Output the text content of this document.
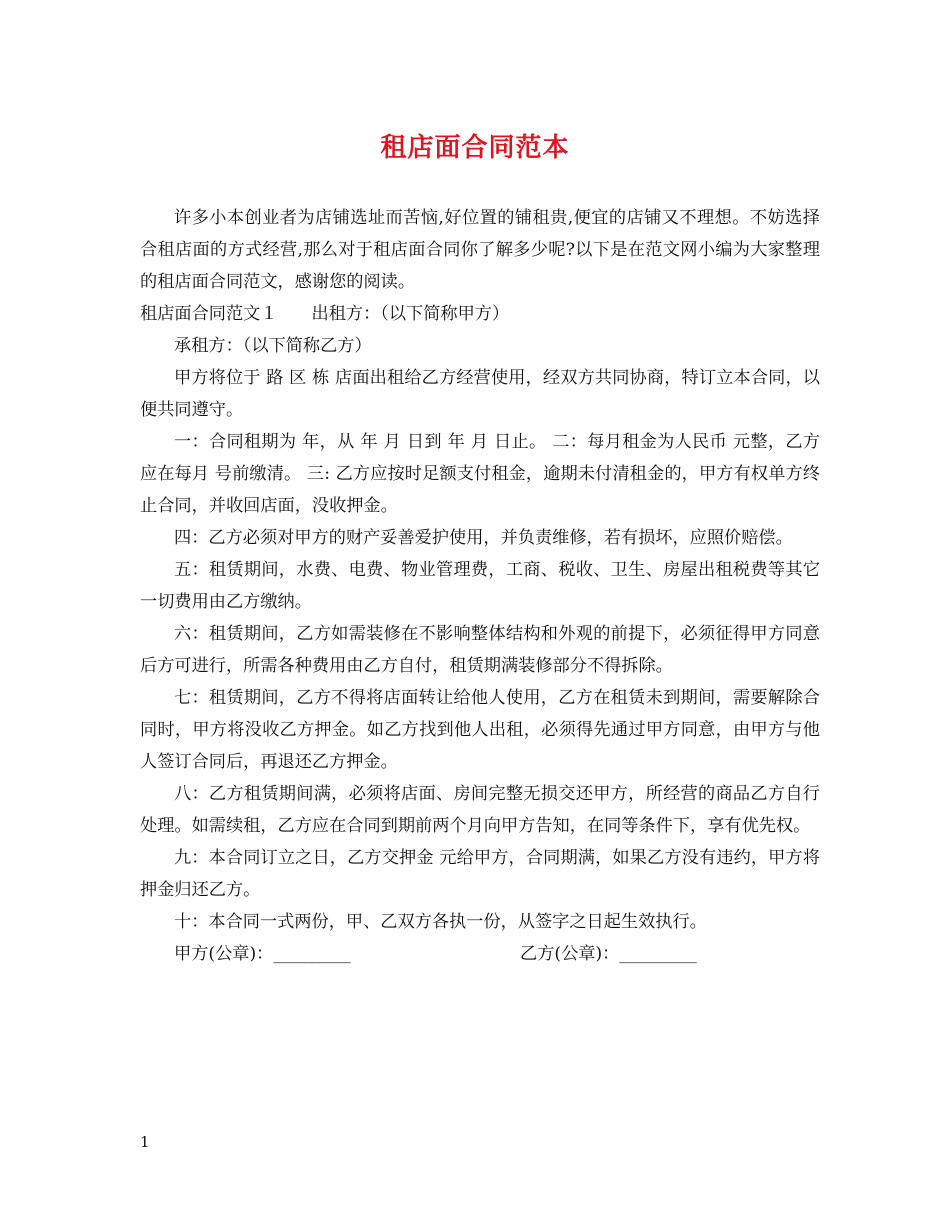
租店面合同范本

许多小本创业者为店铺选址而苦恼,好位置的铺租贵,便宜的店铺又不理想。不妨选择合租店面的方式经营,那么对于租店面合同你了解多少呢?以下是在范文网小编为大家整理的租店面合同范文，感谢您的阅读。

租店面合同范文１ 出租方：（以下简称甲方）

承租方：（以下简称乙方）

甲方将位于 路 区 栋 店面出租给乙方经营使用，经双方共同协商，特订立本合同，以便共同遵守。

一：合同租期为 年，从 年 月 日到 年 月 日止。 二：每月租金为人民币 元整，乙方应在每月 号前缴清。 三: 乙方应按时足额支付租金，逾期未付清租金的，甲方有权单方终止合同，并收回店面，没收押金。

四：乙方必须对甲方的财产妥善爱护使用，并负责维修，若有损坏，应照价赔偿。

五：租赁期间，水费、电费、物业管理费，工商、税收、卫生、房屋出租税费等其它一切费用由乙方缴纳。

六：租赁期间，乙方如需装修在不影响整体结构和外观的前提下，必须征得甲方同意后方可进行，所需各种费用由乙方自付，租赁期满装修部分不得拆除。

七：租赁期间，乙方不得将店面转让给他人使用，乙方在租赁未到期间，需要解除合同时，甲方将没收乙方押金。如乙方找到他人出租，必须得先通过甲方同意，由甲方与他人签订合同后，再退还乙方押金。

八：乙方租赁期间满，必须将店面、房间完整无损交还甲方，所经营的商品乙方自行处理。如需续租，乙方应在合同到期前两个月向甲方告知，在同等条件下，享有优先权。

九：本合同订立之日，乙方交押金 元给甲方，合同期满，如果乙方没有违约，甲方将押金归还乙方。

十：本合同一式两份，甲、乙双方各执一份，从签字之日起生效执行。

甲方(公章)：_________	乙方(公章)：_________
1
